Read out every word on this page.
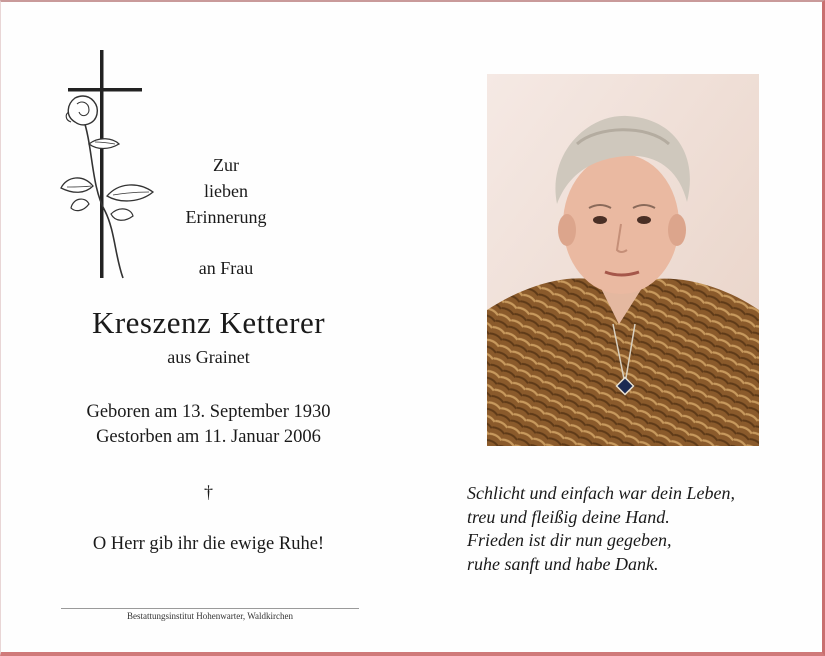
Zur
lieben
Erinnerung
an Frau
Kreszenz Ketterer
aus Grainet
Geboren am 13. September 1930
Gestorben am 11. Januar 2006
†
O Herr gib ihr die ewige Ruhe!
Bestattungsinstitut Hohenwarter, Waldkirchen
Schlicht und einfach war dein Leben,
treu und fleißig deine Hand.
Frieden ist dir nun gegeben,
ruhe sanft und habe Dank.
